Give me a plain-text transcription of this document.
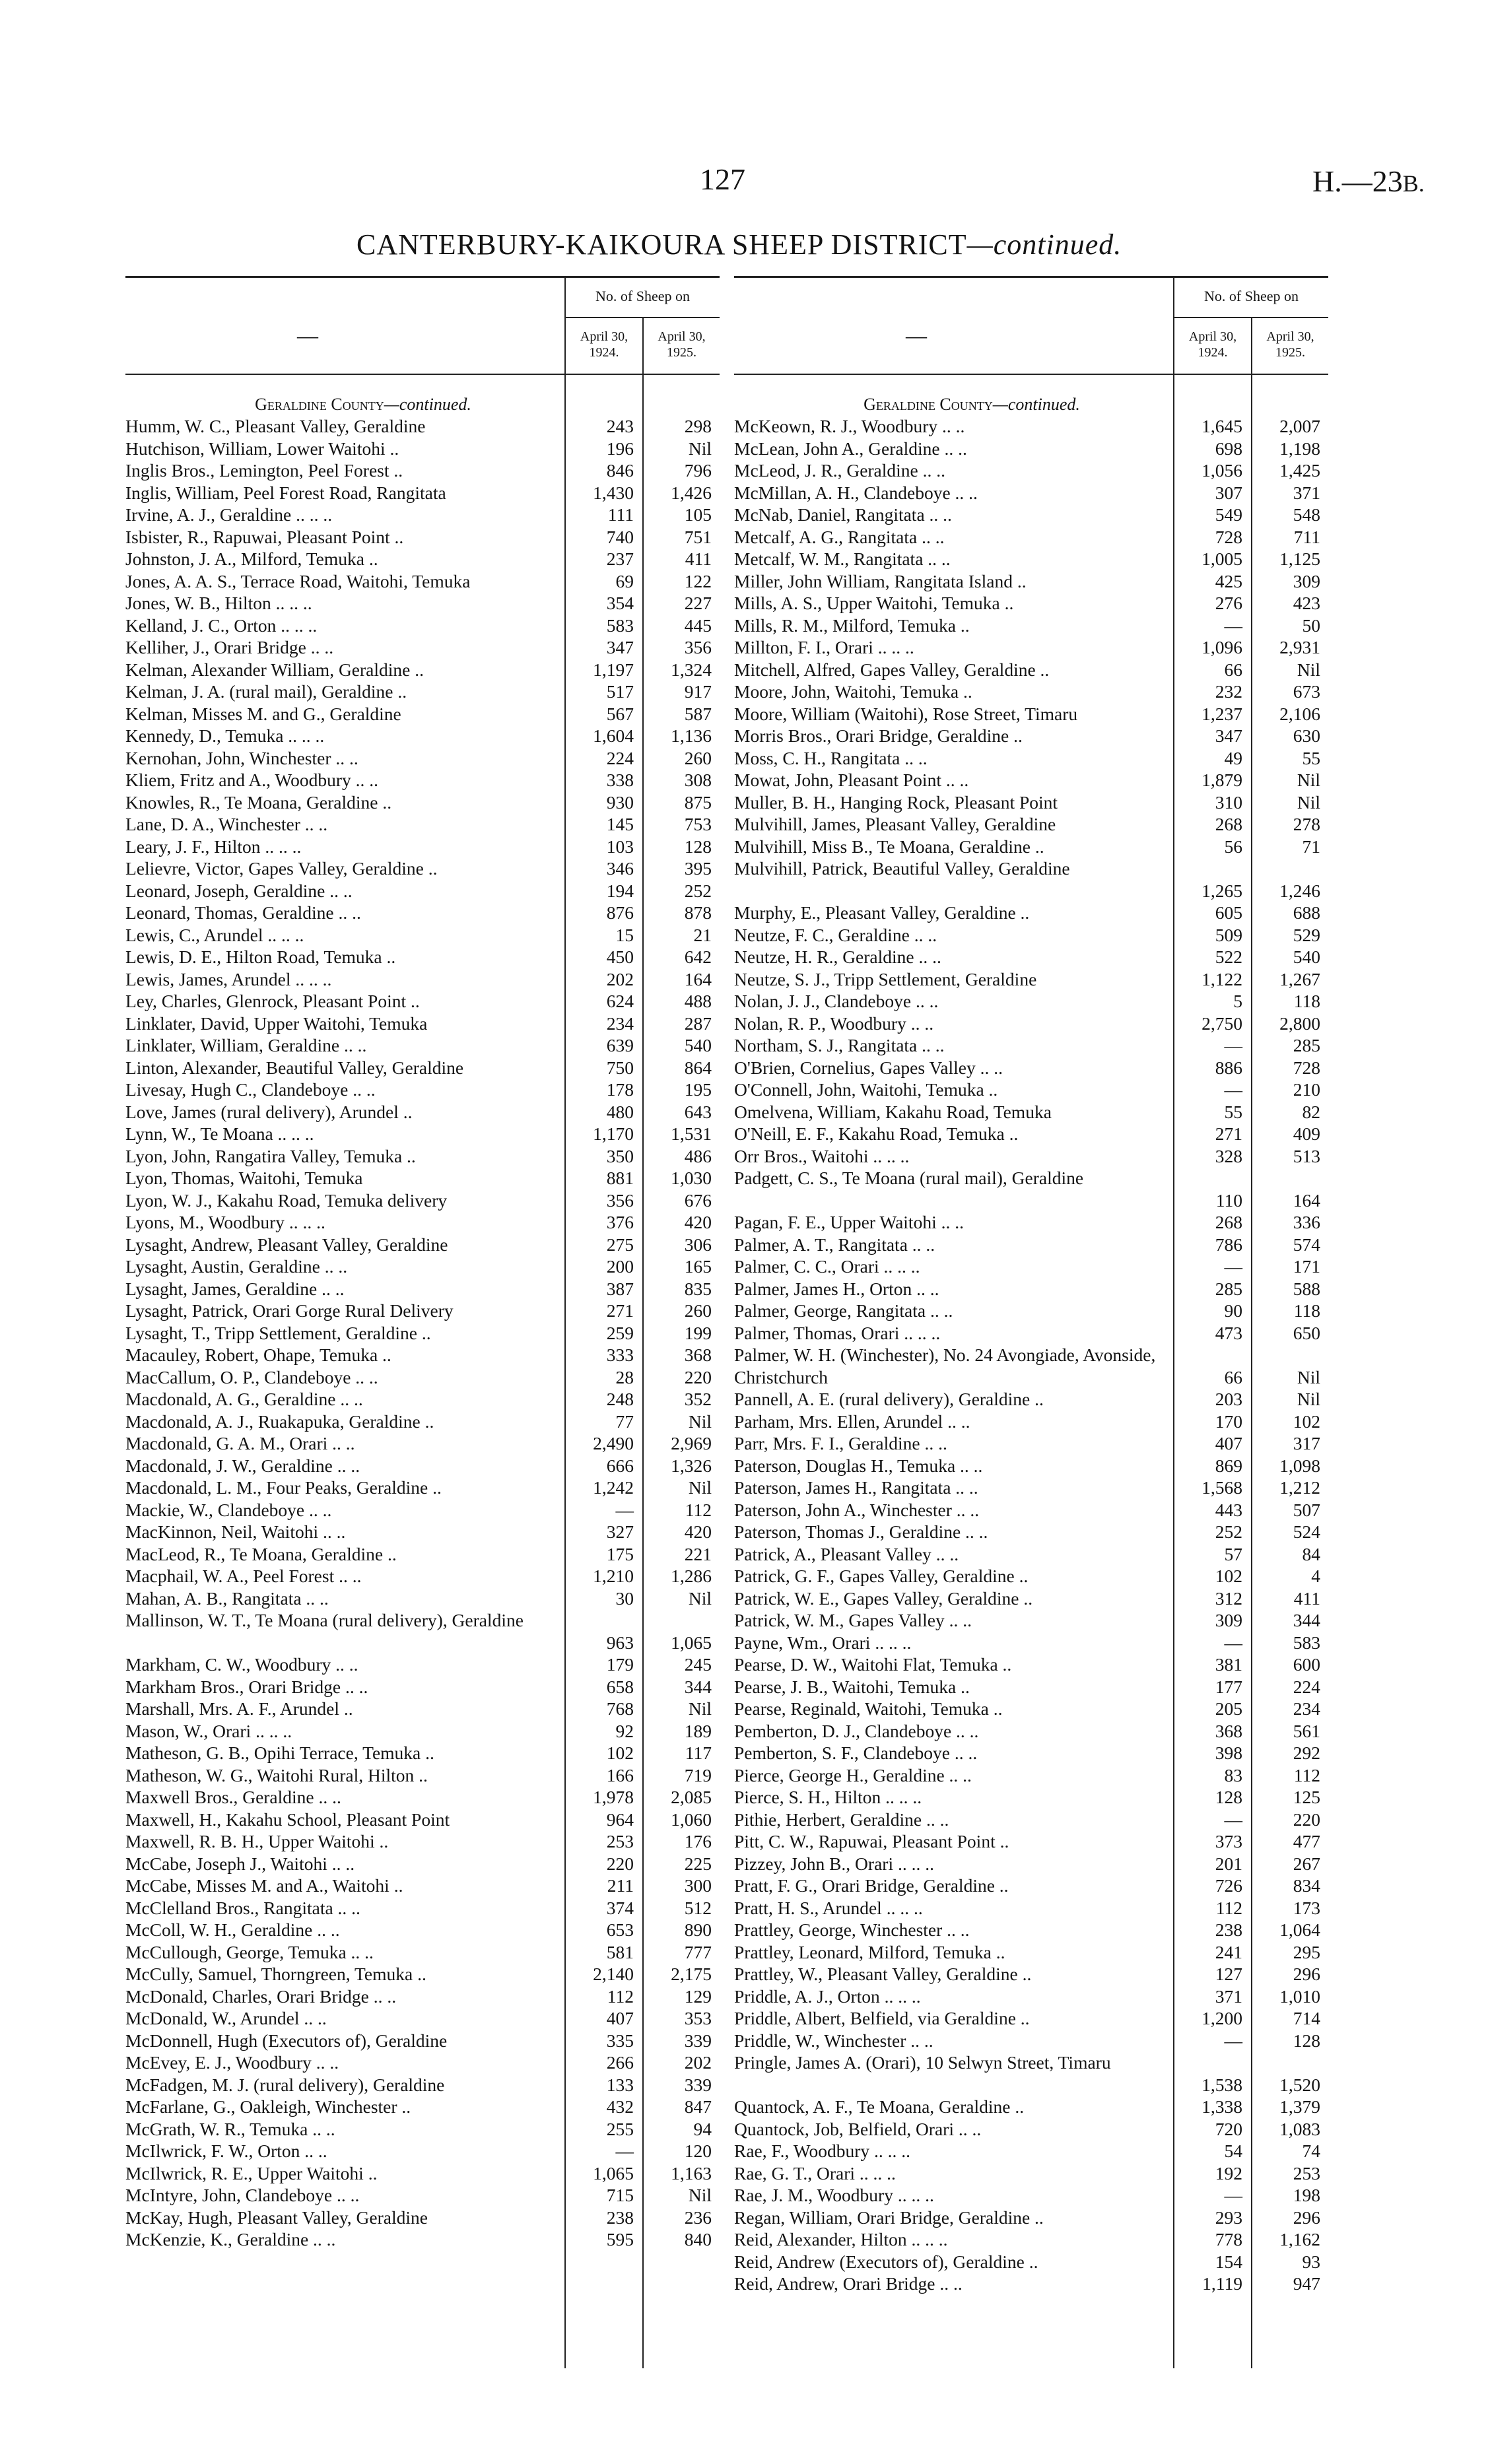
127	H.—23B.
CANTERBURY-KAIKOURA SHEEP DISTRICT—continued.
—
No. of Sheep on
April 30,
1924.
April 30,
1925.
Geraldine County—continued.
Humm, W. C., Pleasant Valley, Geraldine	243	298
Hutchison, William, Lower Waitohi ..	196	Nil
Inglis Bros., Lemington, Peel Forest ..	846	796
Inglis, William, Peel Forest Road, Rangitata	1,430	1,426
Irvine, A. J., Geraldine .. .. ..	111	105
Isbister, R., Rapuwai, Pleasant Point ..	740	751
Johnston, J. A., Milford, Temuka ..	237	411
Jones, A. A. S., Terrace Road, Waitohi, Temuka	69	122
Jones, W. B., Hilton .. .. ..	354	227
Kelland, J. C., Orton .. .. ..	583	445
Kelliher, J., Orari Bridge .. ..	347	356
Kelman, Alexander William, Geraldine ..	1,197	1,324
Kelman, J. A. (rural mail), Geraldine ..	517	917
Kelman, Misses M. and G., Geraldine	567	587
Kennedy, D., Temuka .. .. ..	1,604	1,136
Kernohan, John, Winchester .. ..	224	260
Kliem, Fritz and A., Woodbury .. ..	338	308
Knowles, R., Te Moana, Geraldine ..	930	875
Lane, D. A., Winchester .. ..	145	753
Leary, J. F., Hilton .. .. ..	103	128
Lelievre, Victor, Gapes Valley, Geraldine ..	346	395
Leonard, Joseph, Geraldine .. ..	194	252
Leonard, Thomas, Geraldine .. ..	876	878
Lewis, C., Arundel .. .. ..	15	21
Lewis, D. E., Hilton Road, Temuka ..	450	642
Lewis, James, Arundel .. .. ..	202	164
Ley, Charles, Glenrock, Pleasant Point ..	624	488
Linklater, David, Upper Waitohi, Temuka	234	287
Linklater, William, Geraldine .. ..	639	540
Linton, Alexander, Beautiful Valley, Geraldine	750	864
Livesay, Hugh C., Clandeboye .. ..	178	195
Love, James (rural delivery), Arundel ..	480	643
Lynn, W., Te Moana .. .. ..	1,170	1,531
Lyon, John, Rangatira Valley, Temuka ..	350	486
Lyon, Thomas, Waitohi, Temuka	881	1,030
Lyon, W. J., Kakahu Road, Temuka delivery	356	676
Lyons, M., Woodbury .. .. ..	376	420
Lysaght, Andrew, Pleasant Valley, Geraldine	275	306
Lysaght, Austin, Geraldine .. ..	200	165
Lysaght, James, Geraldine .. ..	387	835
Lysaght, Patrick, Orari Gorge Rural Delivery	271	260
Lysaght, T., Tripp Settlement, Geraldine ..	259	199
Macauley, Robert, Ohape, Temuka ..	333	368
MacCallum, O. P., Clandeboye .. ..	28	220
Macdonald, A. G., Geraldine .. ..	248	352
Macdonald, A. J., Ruakapuka, Geraldine ..	77	Nil
Macdonald, G. A. M., Orari .. ..	2,490	2,969
Macdonald, J. W., Geraldine .. ..	666	1,326
Macdonald, L. M., Four Peaks, Geraldine ..	1,242	Nil
Mackie, W., Clandeboye .. ..	—	112
MacKinnon, Neil, Waitohi .. ..	327	420
MacLeod, R., Te Moana, Geraldine ..	175	221
Macphail, W. A., Peel Forest .. ..	1,210	1,286
Mahan, A. B., Rangitata .. ..	30	Nil
Mallinson, W. T., Te Moana (rural delivery), Geraldine
963	1,065
Markham, C. W., Woodbury .. ..	179	245
Markham Bros., Orari Bridge .. ..	658	344
Marshall, Mrs. A. F., Arundel ..	768	Nil
Mason, W., Orari .. .. ..	92	189
Matheson, G. B., Opihi Terrace, Temuka ..	102	117
Matheson, W. G., Waitohi Rural, Hilton ..	166	719
Maxwell Bros., Geraldine .. ..	1,978	2,085
Maxwell, H., Kakahu School, Pleasant Point	964	1,060
Maxwell, R. B. H., Upper Waitohi ..	253	176
McCabe, Joseph J., Waitohi .. ..	220	225
McCabe, Misses M. and A., Waitohi ..	211	300
McClelland Bros., Rangitata .. ..	374	512
McColl, W. H., Geraldine .. ..	653	890
McCullough, George, Temuka .. ..	581	777
McCully, Samuel, Thorngreen, Temuka ..	2,140	2,175
McDonald, Charles, Orari Bridge .. ..	112	129
McDonald, W., Arundel .. ..	407	353
McDonnell, Hugh (Executors of), Geraldine	335	339
McEvey, E. J., Woodbury .. ..	266	202
McFadgen, M. J. (rural delivery), Geraldine	133	339
McFarlane, G., Oakleigh, Winchester ..	432	847
McGrath, W. R., Temuka .. ..	255	94
McIlwrick, F. W., Orton .. ..	—	120
McIlwrick, R. E., Upper Waitohi ..	1,065	1,163
McIntyre, John, Clandeboye .. ..	715	Nil
McKay, Hugh, Pleasant Valley, Geraldine	238	236
McKenzie, K., Geraldine .. ..	595	840
—
No. of Sheep on
April 30,
1924.
April 30,
1925.
Geraldine County—continued.
McKeown, R. J., Woodbury .. ..	1,645	2,007
McLean, John A., Geraldine .. ..	698	1,198
McLeod, J. R., Geraldine .. ..	1,056	1,425
McMillan, A. H., Clandeboye .. ..	307	371
McNab, Daniel, Rangitata .. ..	549	548
Metcalf, A. G., Rangitata .. ..	728	711
Metcalf, W. M., Rangitata .. ..	1,005	1,125
Miller, John William, Rangitata Island ..	425	309
Mills, A. S., Upper Waitohi, Temuka ..	276	423
Mills, R. M., Milford, Temuka ..	—	50
Millton, F. I., Orari .. .. ..	1,096	2,931
Mitchell, Alfred, Gapes Valley, Geraldine ..	66	Nil
Moore, John, Waitohi, Temuka ..	232	673
Moore, William (Waitohi), Rose Street, Timaru	1,237	2,106
Morris Bros., Orari Bridge, Geraldine ..	347	630
Moss, C. H., Rangitata .. ..	49	55
Mowat, John, Pleasant Point .. ..	1,879	Nil
Muller, B. H., Hanging Rock, Pleasant Point	310	Nil
Mulvihill, James, Pleasant Valley, Geraldine	268	278
Mulvihill, Miss B., Te Moana, Geraldine ..	56	71
Mulvihill, Patrick, Beautiful Valley, Geraldine
1,265	1,246
Murphy, E., Pleasant Valley, Geraldine ..	605	688
Neutze, F. C., Geraldine .. ..	509	529
Neutze, H. R., Geraldine .. ..	522	540
Neutze, S. J., Tripp Settlement, Geraldine	1,122	1,267
Nolan, J. J., Clandeboye .. ..	5	118
Nolan, R. P., Woodbury .. ..	2,750	2,800
Northam, S. J., Rangitata .. ..	—	285
O'Brien, Cornelius, Gapes Valley .. ..	886	728
O'Connell, John, Waitohi, Temuka ..	—	210
Omelvena, William, Kakahu Road, Temuka	55	82
O'Neill, E. F., Kakahu Road, Temuka ..	271	409
Orr Bros., Waitohi .. .. ..	328	513
Padgett, C. S., Te Moana (rural mail), Geraldine
110	164
Pagan, F. E., Upper Waitohi .. ..	268	336
Palmer, A. T., Rangitata .. ..	786	574
Palmer, C. C., Orari .. .. ..	—	171
Palmer, James H., Orton .. ..	285	588
Palmer, George, Rangitata .. ..	90	118
Palmer, Thomas, Orari .. .. ..	473	650
Palmer, W. H. (Winchester), No. 24 Avongiade, Avonside, Christchurch	66	Nil
Pannell, A. E. (rural delivery), Geraldine ..	203	Nil
Parham, Mrs. Ellen, Arundel .. ..	170	102
Parr, Mrs. F. I., Geraldine .. ..	407	317
Paterson, Douglas H., Temuka .. ..	869	1,098
Paterson, James H., Rangitata .. ..	1,568	1,212
Paterson, John A., Winchester .. ..	443	507
Paterson, Thomas J., Geraldine .. ..	252	524
Patrick, A., Pleasant Valley .. ..	57	84
Patrick, G. F., Gapes Valley, Geraldine ..	102	4
Patrick, W. E., Gapes Valley, Geraldine ..	312	411
Patrick, W. M., Gapes Valley .. ..	309	344
Payne, Wm., Orari .. .. ..	—	583
Pearse, D. W., Waitohi Flat, Temuka ..	381	600
Pearse, J. B., Waitohi, Temuka ..	177	224
Pearse, Reginald, Waitohi, Temuka ..	205	234
Pemberton, D. J., Clandeboye .. ..	368	561
Pemberton, S. F., Clandeboye .. ..	398	292
Pierce, George H., Geraldine .. ..	83	112
Pierce, S. H., Hilton .. .. ..	128	125
Pithie, Herbert, Geraldine .. ..	—	220
Pitt, C. W., Rapuwai, Pleasant Point ..	373	477
Pizzey, John B., Orari .. .. ..	201	267
Pratt, F. G., Orari Bridge, Geraldine ..	726	834
Pratt, H. S., Arundel .. .. ..	112	173
Prattley, George, Winchester .. ..	238	1,064
Prattley, Leonard, Milford, Temuka ..	241	295
Prattley, W., Pleasant Valley, Geraldine ..	127	296
Priddle, A. J., Orton .. .. ..	371	1,010
Priddle, Albert, Belfield, via Geraldine ..	1,200	714
Priddle, W., Winchester .. ..	—	128
Pringle, James A. (Orari), 10 Selwyn Street, Timaru
1,538	1,520
Quantock, A. F., Te Moana, Geraldine ..	1,338	1,379
Quantock, Job, Belfield, Orari .. ..	720	1,083
Rae, F., Woodbury .. .. ..	54	74
Rae, G. T., Orari .. .. ..	192	253
Rae, J. M., Woodbury .. .. ..	—	198
Regan, William, Orari Bridge, Geraldine ..	293	296
Reid, Alexander, Hilton .. .. ..	778	1,162
Reid, Andrew (Executors of), Geraldine ..	154	93
Reid, Andrew, Orari Bridge .. ..	1,119	947
